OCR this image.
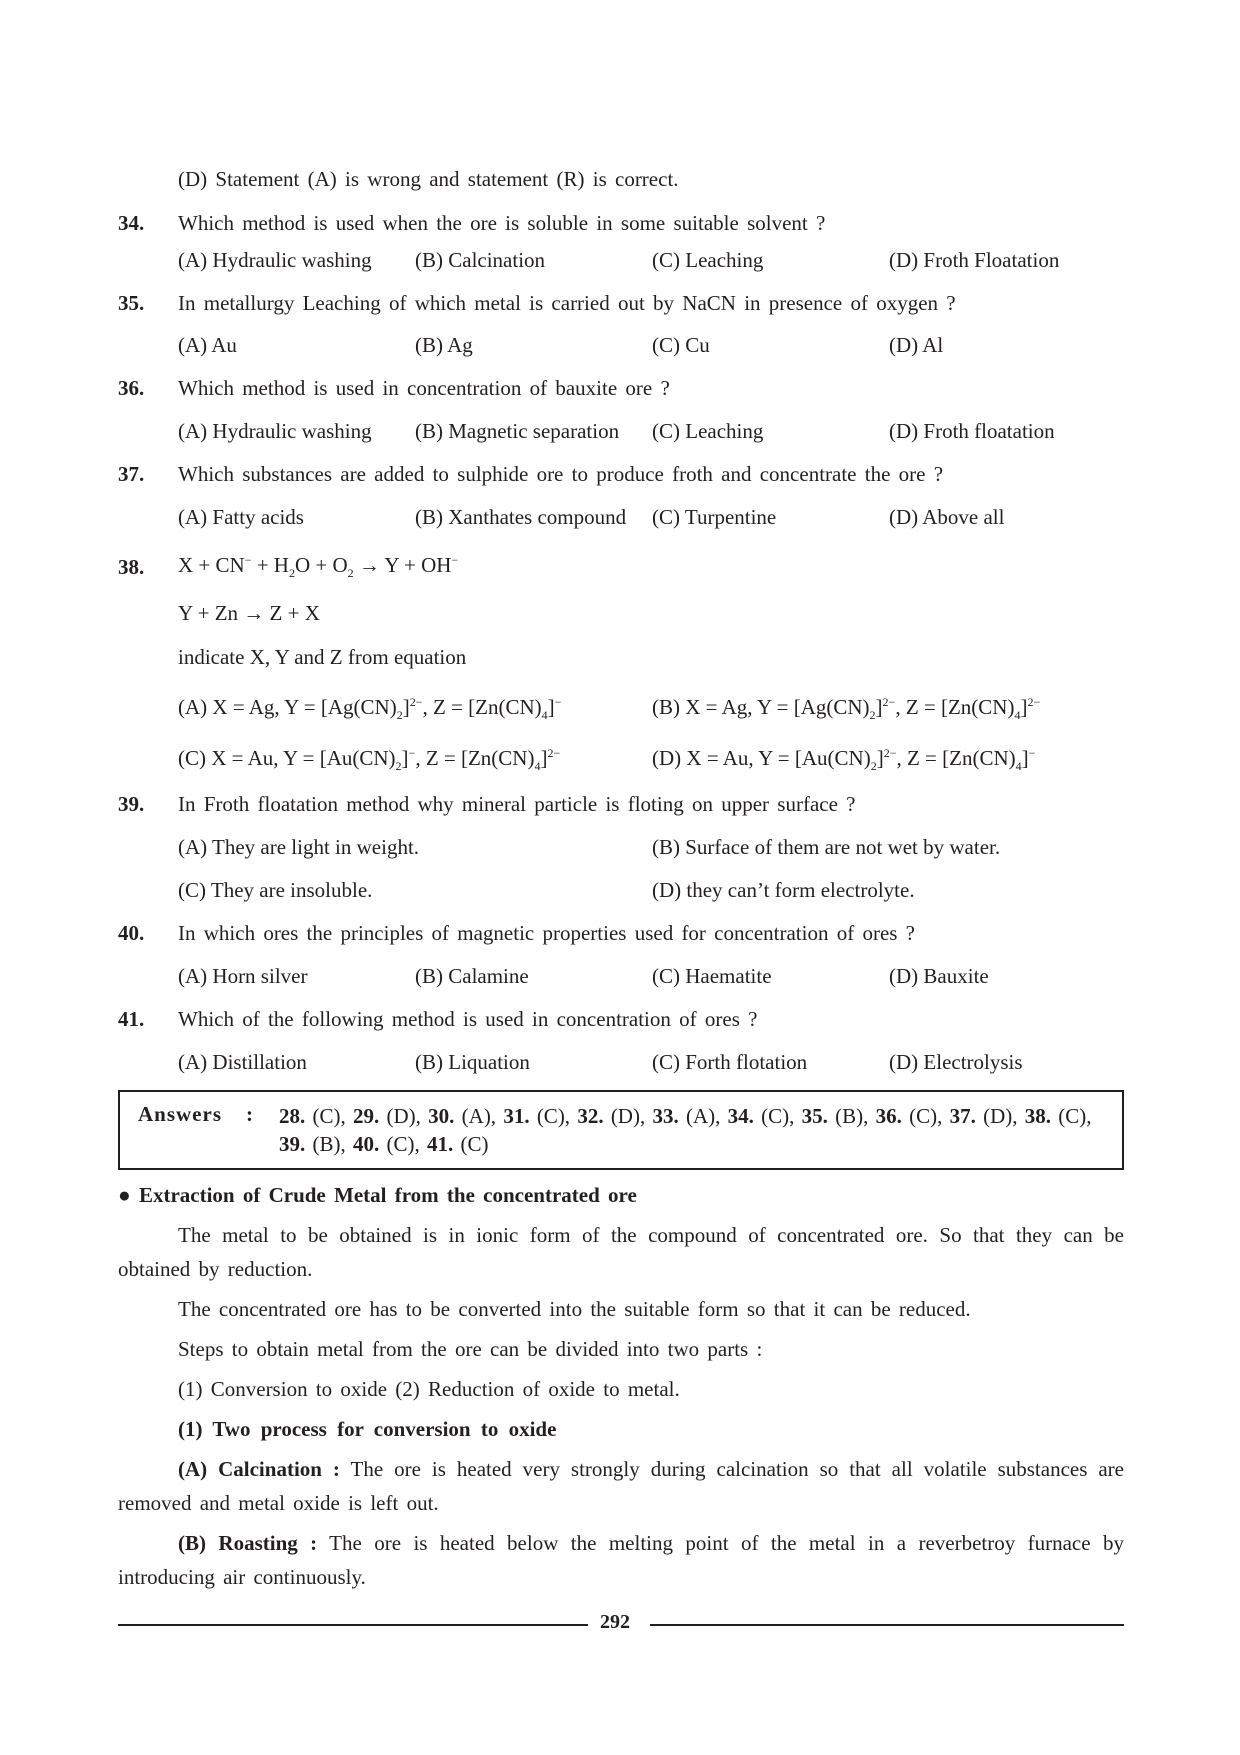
(D) Statement (A) is wrong and statement (R) is correct.
34. Which method is used when the ore is soluble in some suitable solvent ?
(A) Hydraulic washing (B) Calcination	(C) Leaching	(D) Froth Floatation
35. In metallurgy Leaching of which metal is carried out by NaCN in presence of oxygen ?
(A) Au	(B) Ag	(C) Cu	(D) Al
36. Which method is used in concentration of bauxite ore ?
(A) Hydraulic washing (B) Magnetic separation (C) Leaching	(D) Froth floatation
37. Which substances are added to sulphide ore to produce froth and concentrate the ore ?
(A) Fatty acids	(B) Xanthates compound (C) Turpentine	(D) Above all
38. $X + CN^- + H_2O + O_2 \to Y + OH^-$
Y + Zn → Z + X
indicate X, Y and Z from equation
(A) X = Ag, $Y = [Ag(CN)_2]^{2-}$, $Z = [Zn(CN)_4]^-$	(B) X = Ag, $Y = [Ag(CN)_2]^{2-}$, $Z = [Zn(CN)_4]^{2-}$
(C) X = Au, $Y = [Au(CN)_2]^-$, $Z = [Zn(CN)_4]^{2-}$	(D) X = Au, $Y = [Au(CN)_2]^{2-}$, $Z = [Zn(CN)_4]^-$
39. In Froth floatation method why mineral particle is floting on upper surface ?
(A) They are light in weight.	(B) Surface of them are not wet by water.
(C) They are insoluble.	(D) they can’t form electrolyte.
40. In which ores the principles of magnetic properties used for concentration of ores ?
(A) Horn silver	(B) Calamine	(C) Haematite	(D) Bauxite
41. Which of the following method is used in concentration of ores ?
(A) Distillation	(B) Liquation	(C) Forth flotation	(D) Electrolysis
Answers : 28. (C), 29. (D), 30. (A), 31. (C), 32. (D), 33. (A), 34. (C), 35. (B), 36. (C), 37. (D), 38. (C), 39. (B), 40. (C), 41. (C)
● Extraction of Crude Metal from the concentrated ore
The metal to be obtained is in ionic form of the compound of concentrated ore. So that they can be obtained by reduction.
The concentrated ore has to be converted into the suitable form so that it can be reduced.
Steps to obtain metal from the ore can be divided into two parts :
(1) Conversion to oxide (2) Reduction of oxide to metal.
(1) Two process for conversion to oxide
(A) Calcination : The ore is heated very strongly during calcination so that all volatile substances are removed and metal oxide is left out.
(B) Roasting : The ore is heated below the melting point of the metal in a reverbetroy furnace by introducing air continuously.
292
